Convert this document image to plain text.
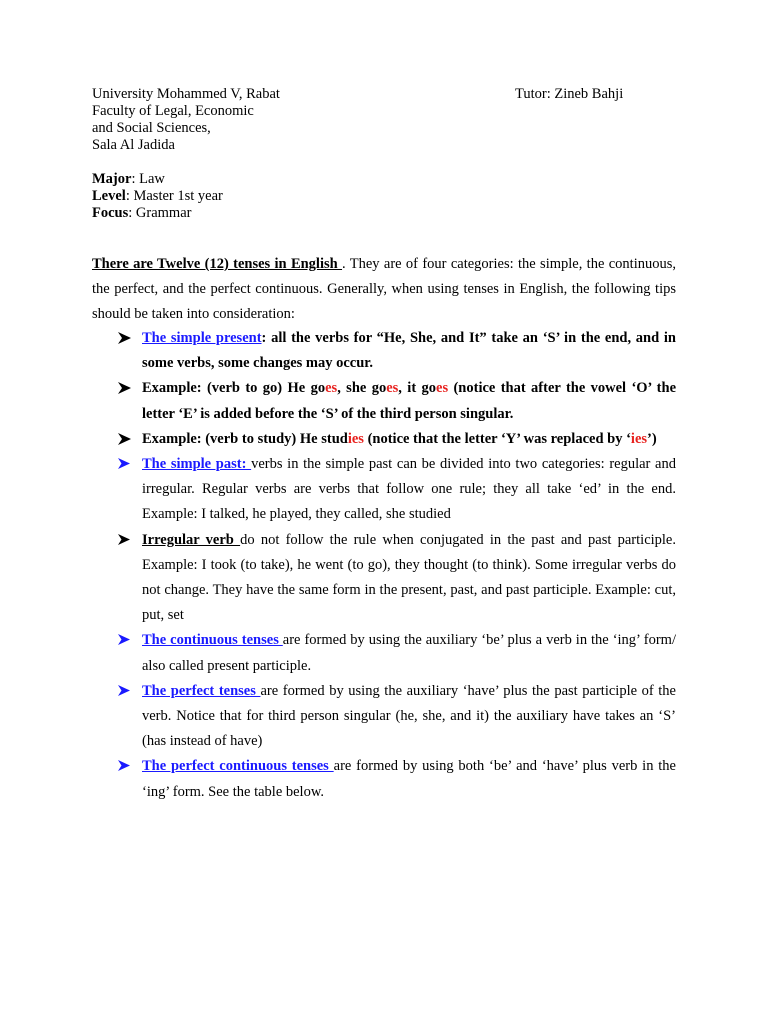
University Mohammed V, Rabat
Faculty of Legal, Economic
and Social Sciences,
Sala Al Jadida
Tutor: Zineb Bahji
Major: Law
Level: Master 1st year
Focus: Grammar
There are Twelve (12) tenses in English . They are of four categories: the simple, the continuous, the perfect, and the perfect continuous. Generally, when using tenses in English, the following tips should be taken into consideration:
The simple present: all the verbs for “He, She, and It” take an ‘S’ in the end, and in some verbs, some changes may occur.
Example: (verb to go) He goes, she goes, it goes (notice that after the vowel ‘O’ the letter ‘E’ is added before the ‘S’ of the third person singular.
Example: (verb to study) He studies (notice that the letter ‘Y’ was replaced by ‘ies’)
The simple past: verbs in the simple past can be divided into two categories: regular and irregular. Regular verbs are verbs that follow one rule; they all take ‘ed’ in the end. Example: I talked, he played, they called, she studied
Irregular verb do not follow the rule when conjugated in the past and past participle. Example: I took (to take), he went (to go), they thought (to think). Some irregular verbs do not change. They have the same form in the present, past, and past participle. Example: cut, put, set
The continuous tenses are formed by using the auxiliary ‘be’ plus a verb in the ‘ing’ form/ also called present participle.
The perfect tenses are formed by using the auxiliary ‘have’ plus the past participle of the verb. Notice that for third person singular (he, she, and it) the auxiliary have takes an ‘S’ (has instead of have)
The perfect continuous tenses are formed by using both ‘be’ and ‘have’ plus verb in the ‘ing’ form. See the table below.
